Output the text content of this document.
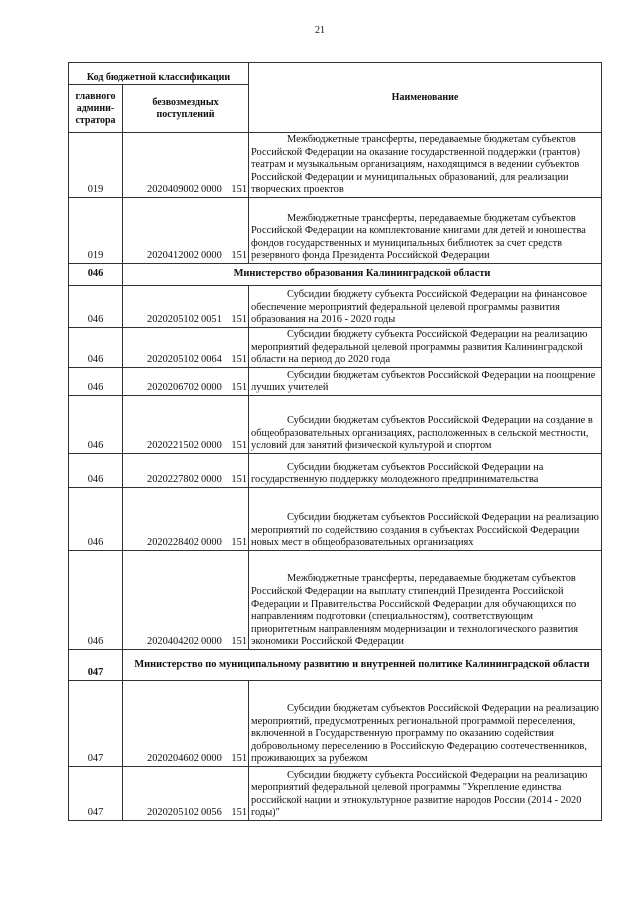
21
Код бюджетной классификации		Наименование
главного админи-стратора	безвозмездных поступлений	
019	2020409002 0000 151	Межбюджетные трансферты, передаваемые бюджетам субъектов Российской Федерации на оказание государственной поддержки (грантов) театрам и музыкальным организациям, находящимся в ведении субъектов Российской Федерации и муниципальных образований, для реализации творческих проектов
019	2020412002 0000 151	Межбюджетные трансферты, передаваемые бюджетам субъектов Российской Федерации на комплектование книгами для детей и юношества фондов государственных и муниципальных библиотек за счет средств резервного фонда Президента Российской Федерации
046	Министерство образования Калининградской области	
046	2020205102 0051 151	Субсидии бюджету субъекта Российской Федерации на финансовое обеспечение мероприятий федеральной целевой программы развития образования на 2016 - 2020 годы
046	2020205102 0064 151	Субсидии бюджету субъекта Российской Федерации на реализацию мероприятий федеральной целевой программы развития Калининградской области на период до 2020 года
046	2020206702 0000 151	Субсидии бюджетам субъектов Российской Федерации на поощрение лучших учителей
046	2020221502 0000 151	Субсидии бюджетам субъектов Российской Федерации на создание в общеобразовательных организациях, расположенных в сельской местности, условий для занятий физической культурой и спортом
046	2020227802 0000 151	Субсидии бюджетам субъектов Российской Федерации на государственную поддержку молодежного предпринимательства
046	2020228402 0000 151	Субсидии бюджетам субъектов Российской Федерации на реализацию мероприятий по содействию создания в субъектах Российской Федерации новых мест в общеобразовательных организациях
046	2020404202 0000 151	Межбюджетные трансферты, передаваемые бюджетам субъектов Российской Федерации на выплату стипендий Президента Российской Федерации и Правительства Российской Федерации для обучающихся по направлениям подготовки (специальностям), соответствующим приоритетным направлениям модернизации и технологического развития экономики Российской Федерации
047	Министерство по муниципальному развитию и внутренней политике Калининградской области	
047	2020204602 0000 151	Субсидии бюджетам субъектов Российской Федерации на реализацию мероприятий, предусмотренных региональной программой переселения, включенной в Государственную программу по оказанию содействия добровольному переселению в Российскую Федерацию соотечественников, проживающих за рубежом
047	2020205102 0056 151	Субсидии бюджету субъекта Российской Федерации на реализацию мероприятий федеральной целевой программы "Укрепление единства российской нации и этнокультурное развитие народов России (2014 - 2020 годы)"
